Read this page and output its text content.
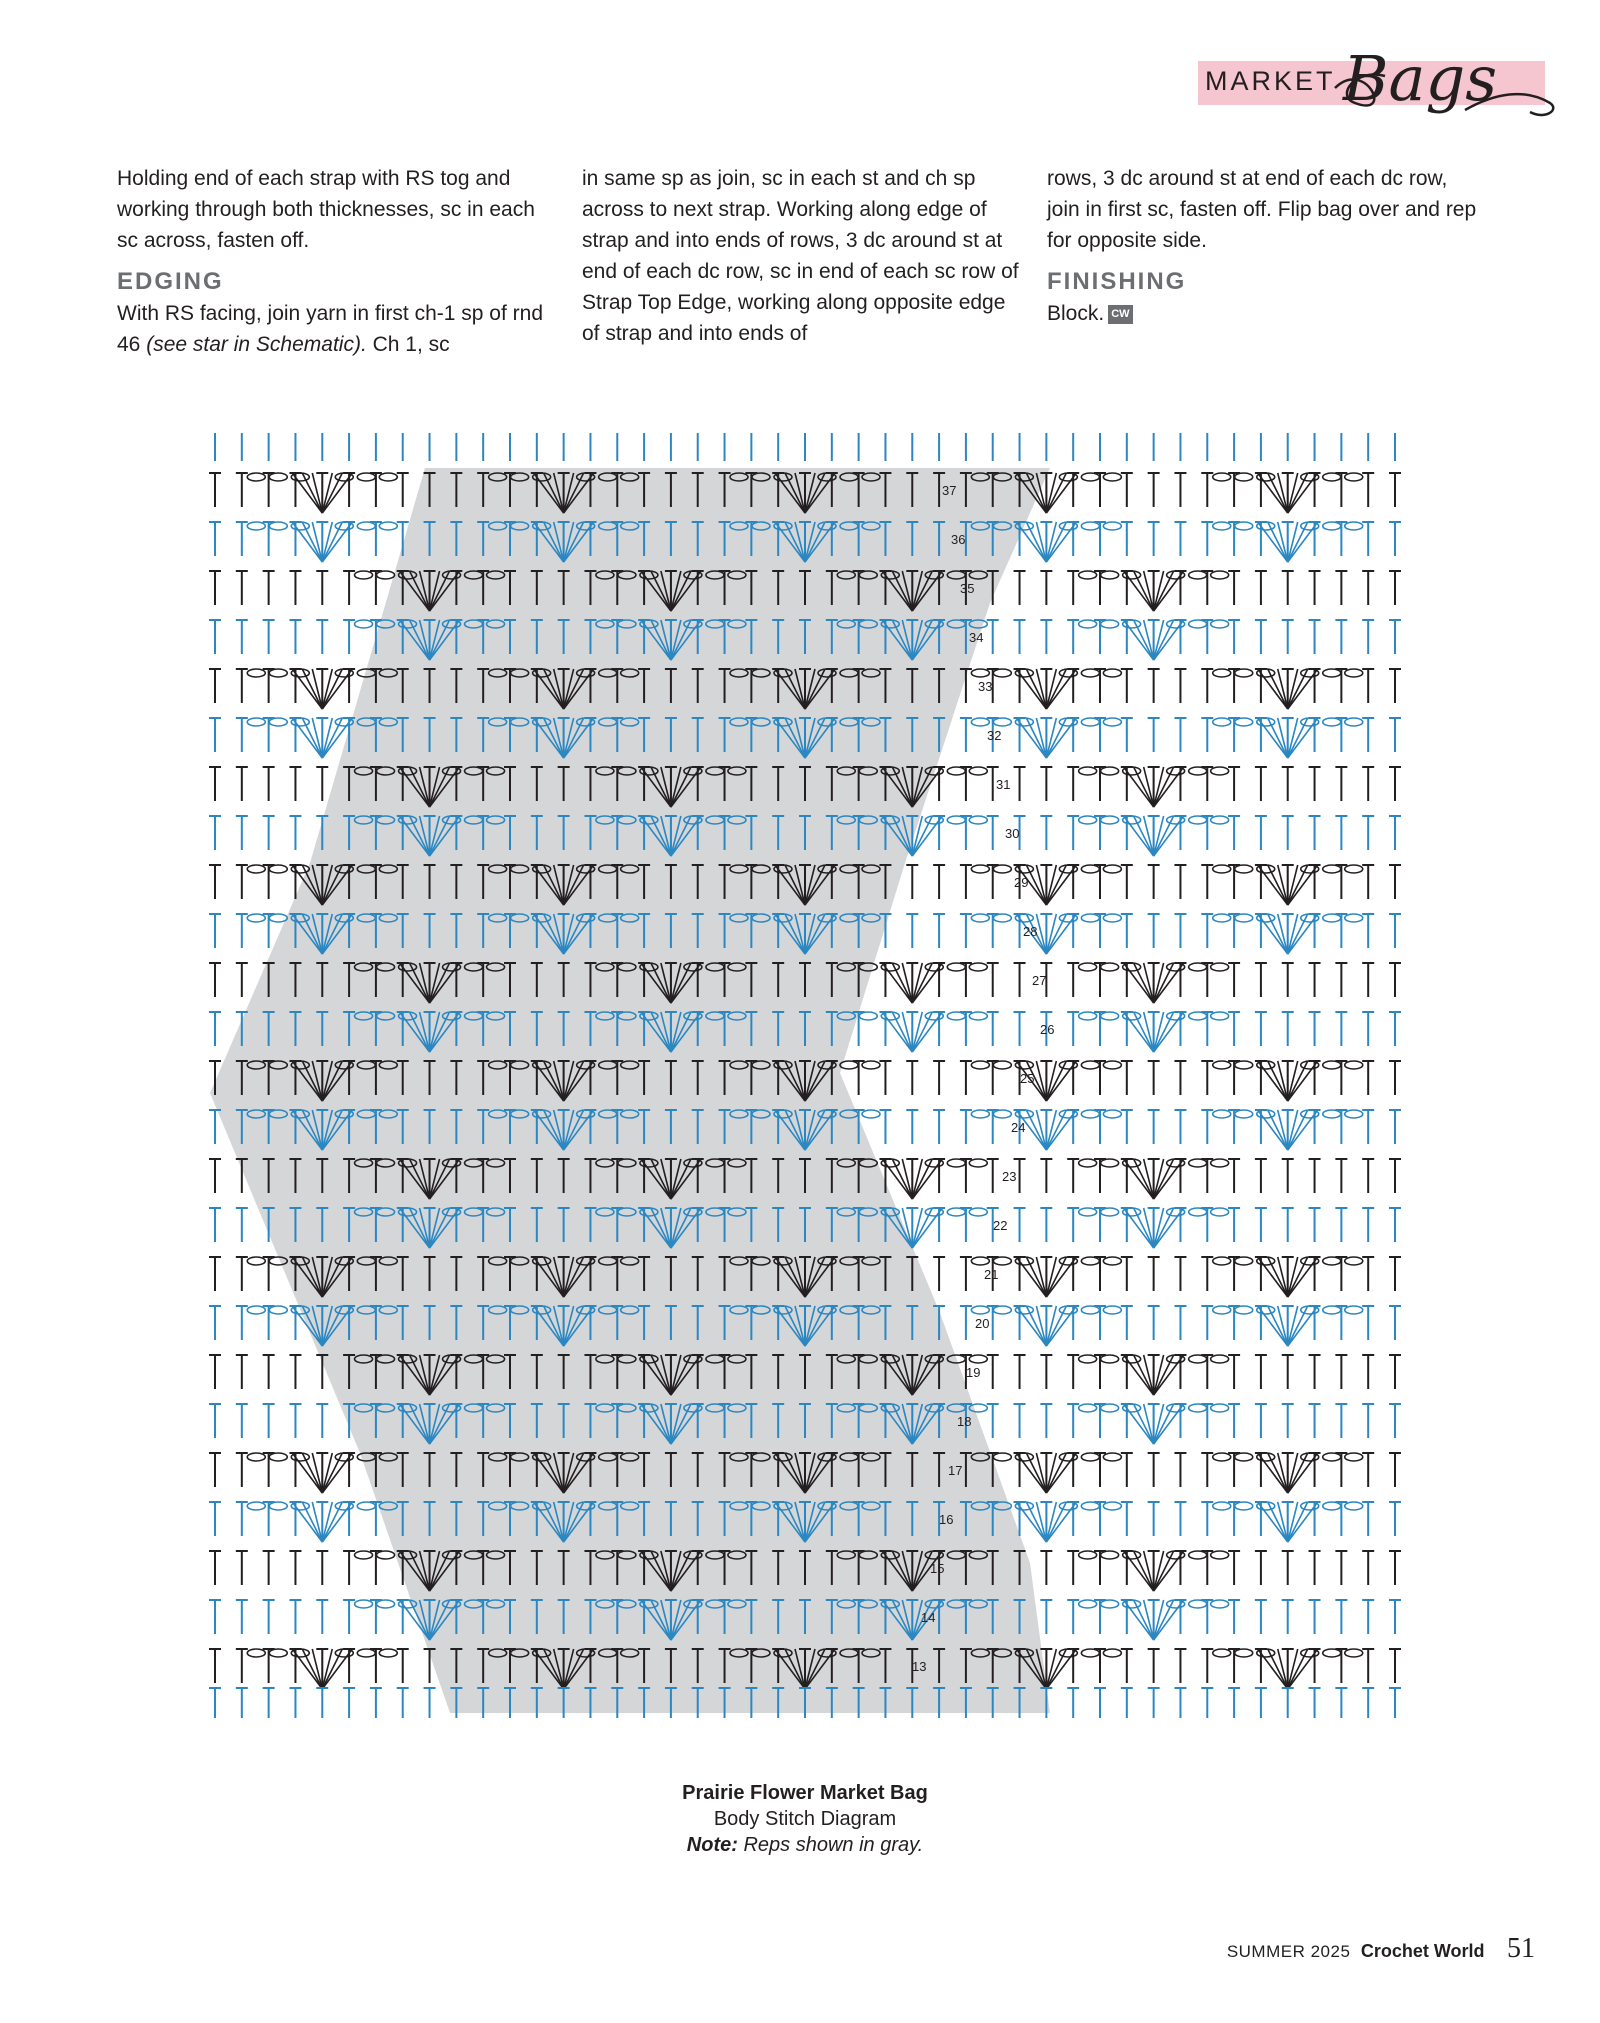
MARKET Bags

Holding end of each strap with RS tog and working through both thicknesses, sc in each sc across, fasten off.

EDGING

With RS facing, join yarn in first ch-1 sp of rnd 46 (see star in Schematic). Ch 1, sc

in same sp as join, sc in each st and ch sp across to next strap. Working along edge of strap and into ends of rows, 3 dc around st at end of each dc row, sc in end of each sc row of Strap Top Edge, working along opposite edge of strap and into ends of

rows, 3 dc around st at end of each dc row, join in first sc, fasten off. Flip bag over and rep for opposite side.

FINISHING

Block. CW

37
36
35
34
33
32
31
30
29
28
27
26
25
24
23
22
21
20
19
18
17
16
15
14
13
Prairie Flower Market Bag
Body Stitch Diagram
Note: Reps shown in gray.
SUMMER 2025 Crochet World 51
